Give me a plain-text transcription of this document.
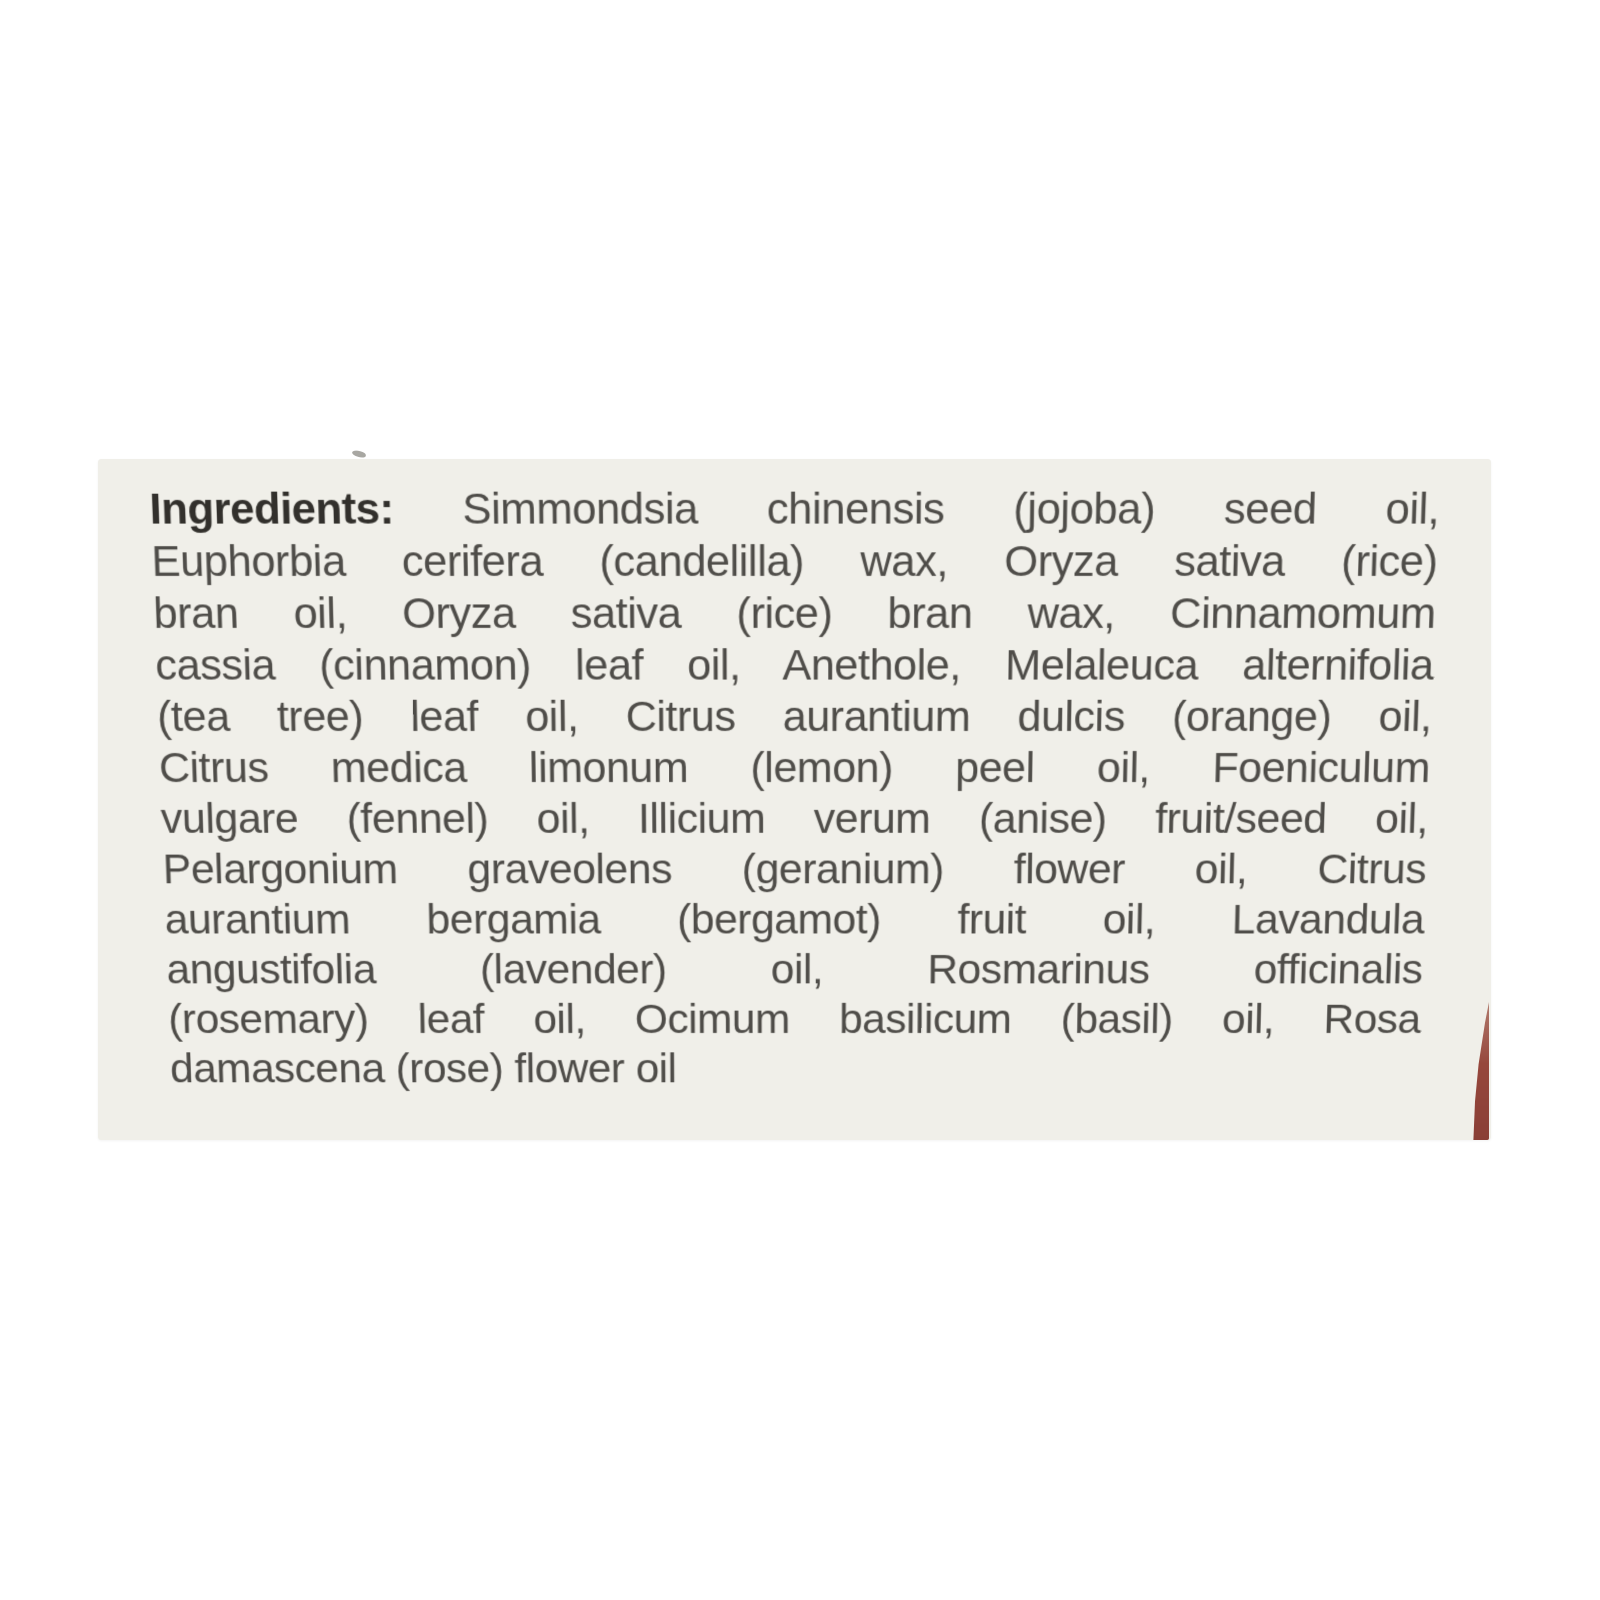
Ingredients: Simmondsia chinensis (jojoba) seed oil,
Euphorbia cerifera (candelilla) wax, Oryza sativa (rice)
bran oil, Oryza sativa (rice) bran wax, Cinnamomum
cassia (cinnamon) leaf oil, Anethole, Melaleuca alternifolia
(tea tree) leaf oil, Citrus aurantium dulcis (orange) oil,
Citrus medica limonum (lemon) peel oil, Foeniculum
vulgare (fennel) oil, Illicium verum (anise) fruit/seed oil,
Pelargonium graveolens (geranium) flower oil, Citrus
aurantium bergamia (bergamot) fruit oil, Lavandula
angustifolia (lavender) oil, Rosmarinus officinalis
(rosemary) leaf oil, Ocimum basilicum (basil) oil, Rosa
damascena (rose) flower oil
